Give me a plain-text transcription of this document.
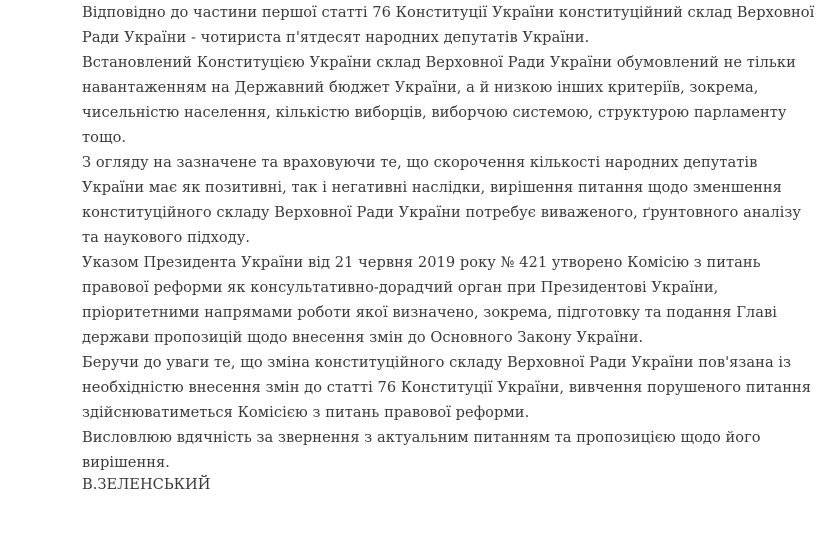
Відповідно до частини першої статті 76 Конституції України конституційний склад Верховної Ради України - чотириста п'ятдесят народних депутатів України.

Встановлений Конституцією України склад Верховної Ради України обумовлений не тільки навантаженням на Державний бюджет України, а й низкою інших критеріїв, зокрема, чисельністю населення, кількістю виборців, виборчою системою, структурою парламенту тощо.

З огляду на зазначене та враховуючи те, що скорочення кількості народних депутатів України має як позитивні, так і негативні наслідки, вирішення питання щодо зменшення конституційного складу Верховної Ради України потребує виваженого, ґрунтовного аналізу та наукового підходу.

Указом Президента України від 21 червня 2019 року № 421 утворено Комісію з питань правової реформи як консультативно-дорадчий орган при Президентові України, пріоритетними напрямами роботи якої визначено, зокрема, підготовку та подання Главі держави пропозицій щодо внесення змін до Основного Закону України.

Беручи до уваги те, що зміна конституційного складу Верховної Ради України пов'язана із необхідністю внесення змін до статті 76 Конституції України, вивчення порушеного питання здійснюватиметься Комісією з питань правової реформи.

Висловлюю вдячність за звернення з актуальним питанням та пропозицією щодо його вирішення.

В.ЗЕЛЕНСЬКИЙ
